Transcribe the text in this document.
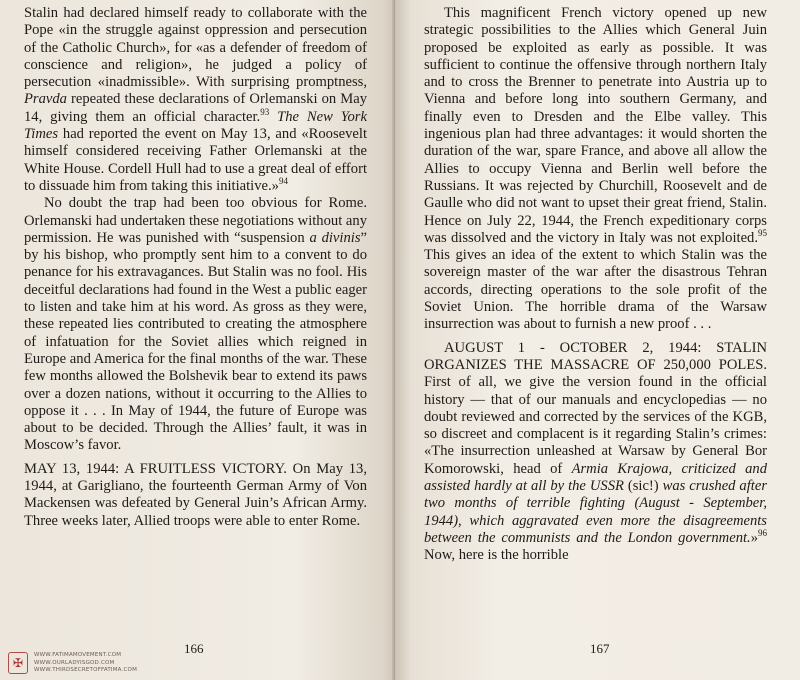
Stalin had declared himself ready to collaborate with the Pope «in the struggle against oppression and persecution of the Catholic Church», for «as a defender of freedom of conscience and religion», he judged a policy of persecution «inadmissible». With surprising promptness, Pravda repeated these declarations of Orlemanski on May 14, giving them an official character.$^{93}$ The New York Times had reported the event on May 13, and «Roosevelt himself considered receiving Father Orlemanski at the White House. Cordell Hull had to use a great deal of effort to dissuade him from taking this initiative.»$^{94}$

No doubt the trap had been too obvious for Rome. Orlemanski had undertaken these negotiations without any permission. He was punished with “suspension a divinis” by his bishop, who promptly sent him to a convent to do penance for his extravagances. But Stalin was no fool. His deceitful declarations had found in the West a public eager to listen and take him at his word. As gross as they were, these repeated lies contributed to creating the atmosphere of infatuation for the Soviet allies which reigned in Europe and America for the final months of the war. These few months allowed the Bolshevik bear to extend its paws over a dozen nations, without it occurring to the Allies to oppose it . . . In May of 1944, the future of Europe was about to be decided. Through the Allies’ fault, it was in Moscow’s favor.

MAY 13, 1944: A FRUITLESS VICTORY. On May 13, 1944, at Garigliano, the fourteenth German Army of Von Mackensen was defeated by General Juin’s African Army. Three weeks later, Allied troops were able to enter Rome.

166
✠
WWW.FATIMAMOVEMENT.COM
WWW.OURLADYISGOD.COM
WWW.THIRDSECRETOFFATIMA.COM
167

This magnificent French victory opened up new strategic possibilities to the Allies which General Juin proposed be exploited as early as possible. It was sufficient to continue the offensive through northern Italy and to cross the Brenner to penetrate into Austria up to Vienna and before long into southern Germany, and finally even to Dresden and the Elbe valley. This ingenious plan had three advantages: it would shorten the duration of the war, spare France, and above all allow the Allies to occupy Vienna and Berlin well before the Russians. It was rejected by Churchill, Roosevelt and de Gaulle who did not want to upset their great friend, Stalin. Hence on July 22, 1944, the French expeditionary corps was dissolved and the victory in Italy was not exploited.$^{95}$ This gives an idea of the extent to which Stalin was the sovereign master of the war after the disastrous Tehran accords, directing operations to the sole profit of the Soviet Union. The horrible drama of the Warsaw insurrection was about to furnish a new proof . . .

AUGUST 1 - OCTOBER 2, 1944: STALIN ORGANIZES THE MASSACRE OF 250,000 POLES. First of all, we give the version found in the official history — that of our manuals and encyclopedias — no doubt reviewed and corrected by the services of the KGB, so discreet and complacent is it regarding Stalin’s crimes: «The insurrection unleashed at Warsaw by General Bor Komorowski, head of Armia Krajowa, criticized and assisted hardly at all by the USSR (sic!) was crushed after two months of terrible fighting (August - September, 1944), which aggravated even more the disagreements between the communists and the London government.»$^{96}$ Now, here is the horrible
